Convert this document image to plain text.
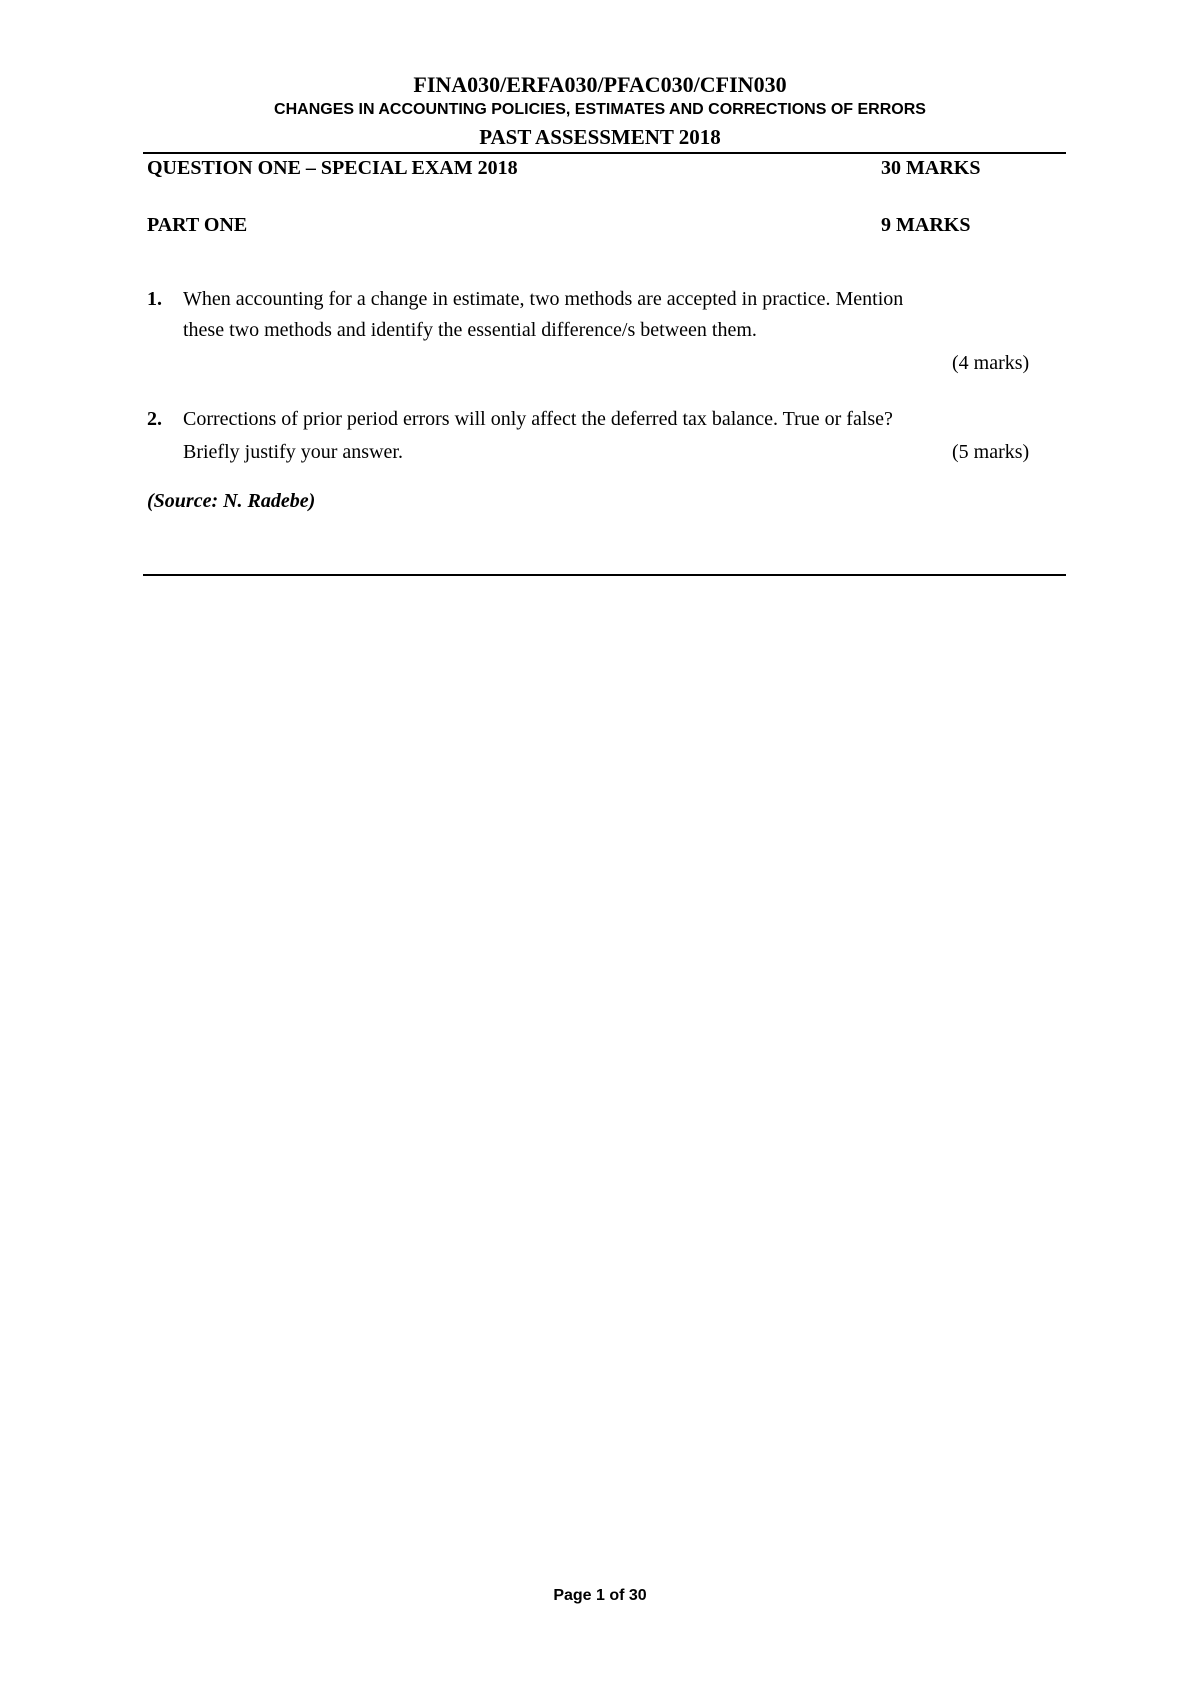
FINA030/ERFA030/PFAC030/CFIN030
CHANGES IN ACCOUNTING POLICIES, ESTIMATES AND CORRECTIONS OF ERRORS
PAST ASSESSMENT 2018
QUESTION ONE – SPECIAL EXAM 2018	30 MARKS
PART ONE	9 MARKS
1. When accounting for a change in estimate, two methods are accepted in practice. Mention
these two methods and identify the essential difference/s between them.
(4 marks)
2. Corrections of prior period errors will only affect the deferred tax balance. True or false?
Briefly justify your answer.	(5 marks)
(Source: N. Radebe)
Page 1 of 30
